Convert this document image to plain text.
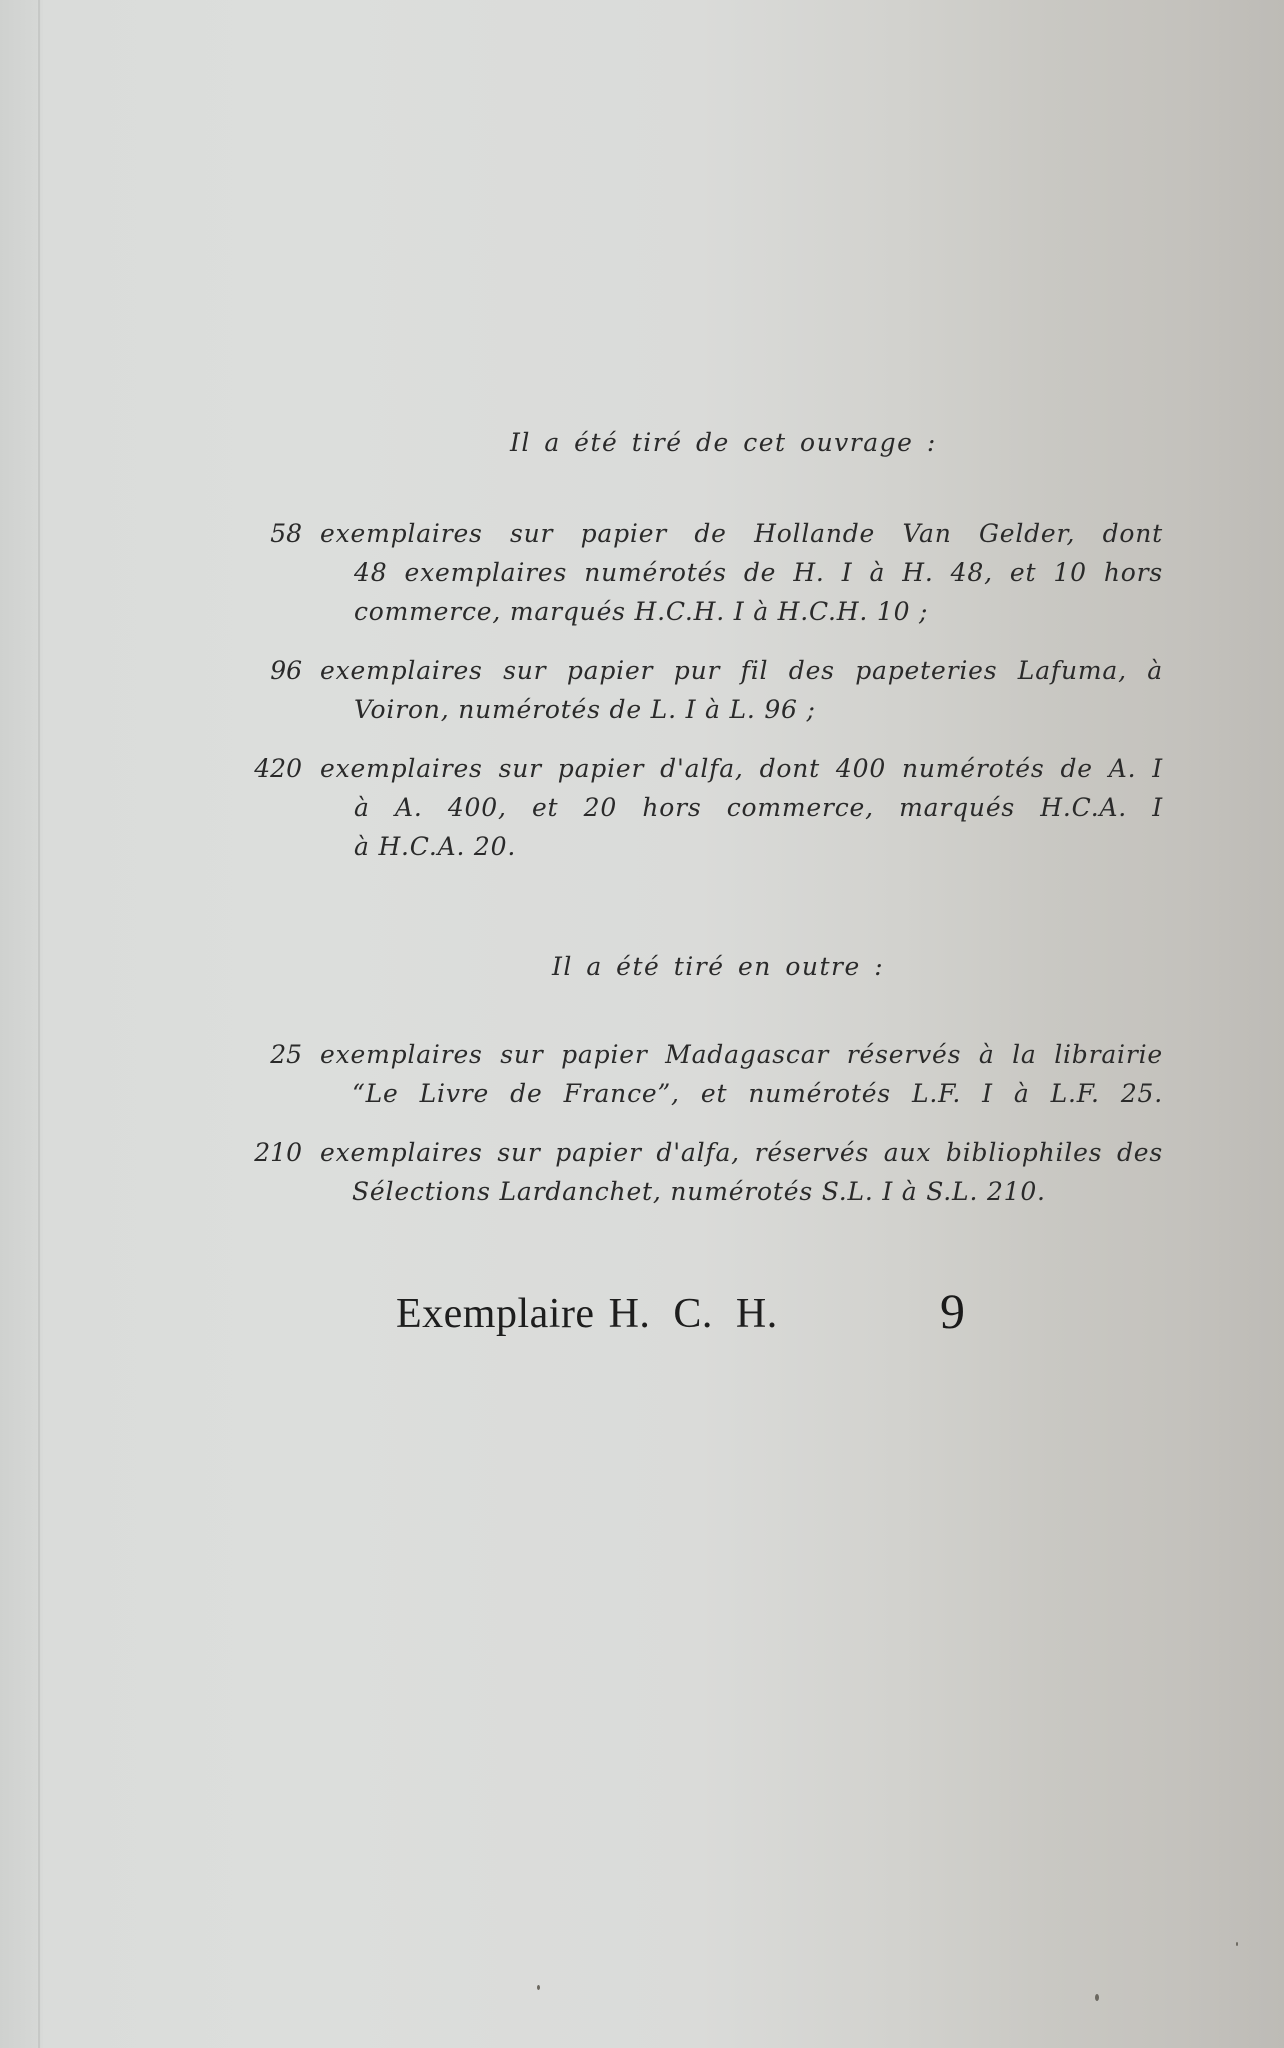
Il a été tiré de cet ouvrage :
58 exemplaires sur papier de Hollande Van Gelder, dont
48 exemplaires numérotés de H. I à H. 48, et 10 hors
commerce, marqués H.C.H. I à H.C.H. 10 ;
96 exemplaires sur papier pur fil des papeteries Lafuma, à
Voiron, numérotés de L. I à L. 96 ;
420 exemplaires sur papier d'alfa, dont 400 numérotés de A. I
à A. 400, et 20 hors commerce, marqués H.C.A. I
à H.C.A. 20.
Il a été tiré en outre :
25 exemplaires sur papier Madagascar réservés à la librairie
“Le Livre de France”, et numérotés L.F. I à L.F. 25.
210 exemplaires sur papier d'alfa, réservés aux bibliophiles des
Sélections Lardanchet, numérotés S.L. I à S.L. 210.
Exemplaire H. C. H.	9
